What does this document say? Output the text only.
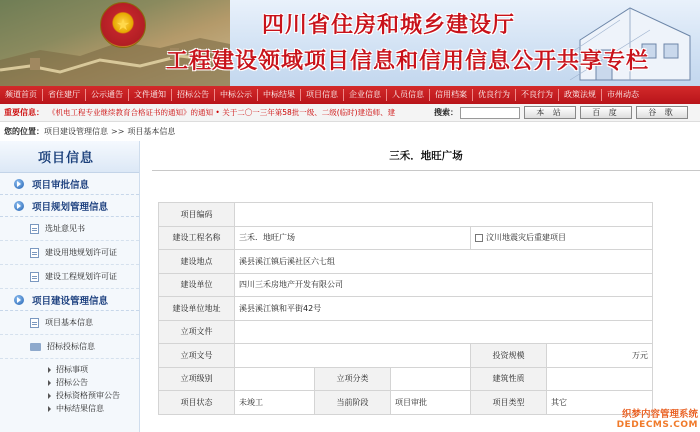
★	四川省住房和城乡建设厅
工程建设领域项目信息和信用信息公开共享专栏
频道首页	省住建厅	公示通告	文件通知	招标公告	中标公示	中标结果	项目信息	企业信息	人员信息	信用档案	优良行为	不良行为	政策法规	市州动态
重要信息： 《机电工程专业继续教育合格证书的通知》的通知 • 关于二〇一三年第58批一级、二级(临时)建造师、建	搜索：	本 站	百 度	谷 歌
您的位置： 项目建设管理信息 >> 项目基本信息
项目信息
项目审批信息
项目规划管理信息
选址意见书
建设用地规划许可证
建设工程规划许可证
项目建设管理信息
项目基本信息
招标投标信息
招标事项
招标公告
投标资格预审公告
中标结果信息
三禾．地旺广场
项目编码					
建设工程名称	三禾．地旺广场			汶川地震灾后重建项目	
建设地点	溪县溪江镇后溪社区六七组				
建设单位	四川三禾房地产开发有限公司				
建设单位地址	溪县溪江镇和平街42号				
立项文件					
立项文号				投资规模	万元
立项级别		立项分类		建筑性质	
项目状态	未竣工	当前阶段	项目审批	项目类型	其它
织梦内容管理系统
DEDECMS.COM
